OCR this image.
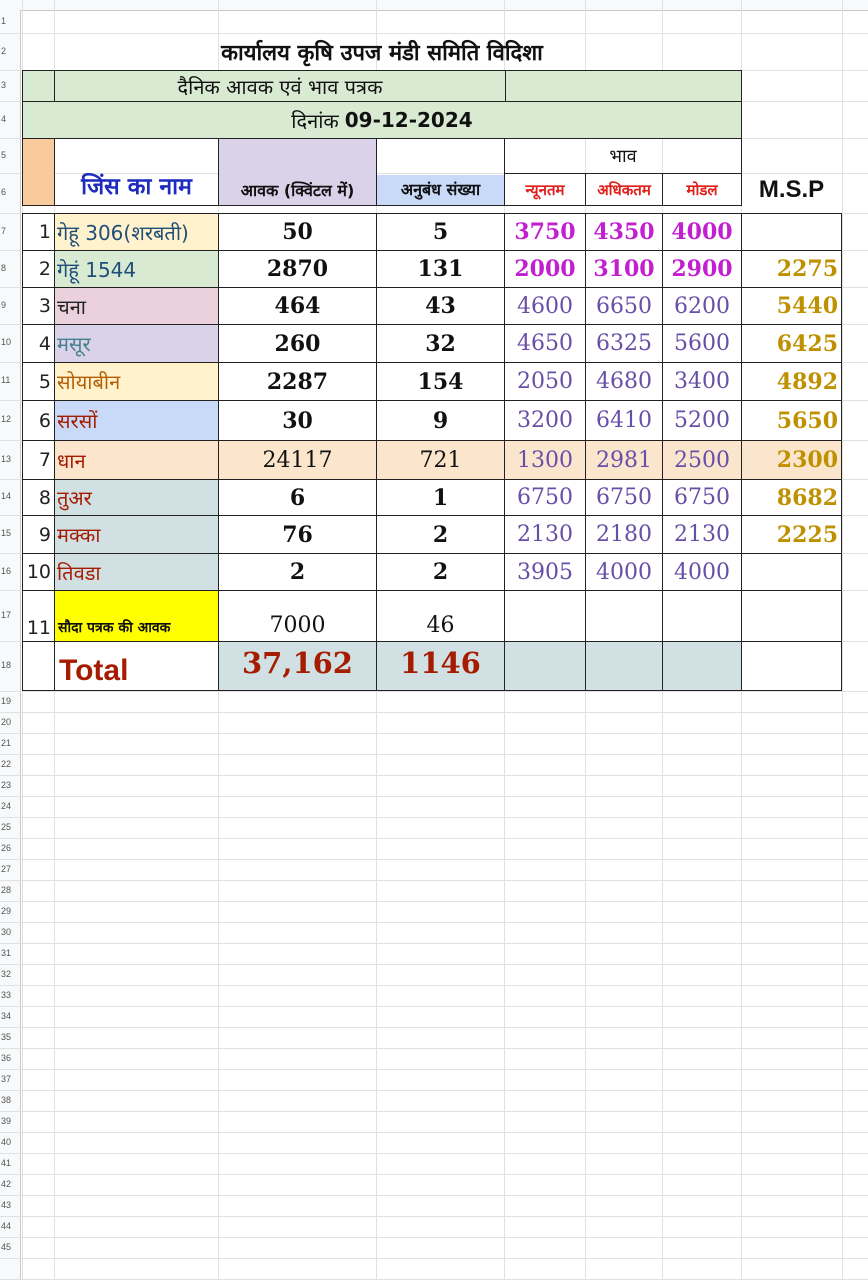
1
2
3
4
5
6
7
8
9
10
11
12
13
14
15
16
17
18
19
20
21
22
23
24
25
26
27
28
29
30
31
32
33
34
35
36
37
38
39
40
41
42
43
44
45
कार्यालय कृषि उपज मंडी समिति विदिशा
दैनिक आवक एवं भाव पत्रक
दिनांक 09-12-2024
जिंस का नाम	आवक (क्विंटल में)	अनुबंध संख्या
भाव
न्यूनतम	अधिकतम	मोडल	M.S.P
1 गेहू 306(शरबती)	50	5	3750 4350 4000
2 गेहूं 1544	2870	131	2000 3100 2900	2275
3 चना	464	43	4600	6650	6200	5440
4 मसूर	260	32	4650	6325	5600	6425
5 सोयाबीन	2287	154	2050	4680	3400	4892
6 सरसों	30	9	3200	6410	5200	5650
7 धान	24117	721	1300	2981	2500	2300
8 तुअर	6	1	6750	6750	6750	8682
9 मक्का	76	2	2130	2180	2130	2225
10 तिवडा	2	2	3905	4000	4000
11 सौदा पत्रक की आवक	7000	46
Total	37,162	1146
